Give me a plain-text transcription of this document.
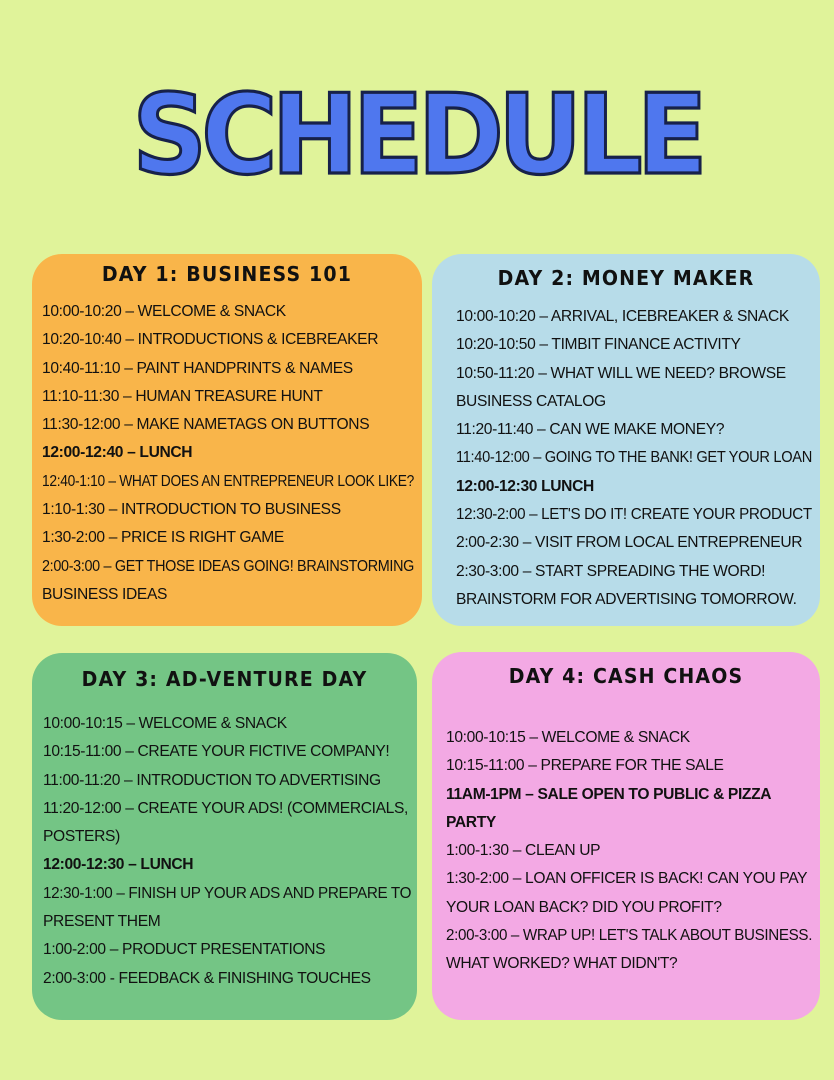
SCHEDULE
DAY 1: BUSINESS 101
10:00-10:20 – WELCOME & SNACK
10:20-10:40 – INTRODUCTIONS & ICEBREAKER
10:40-11:10 – PAINT HANDPRINTS & NAMES
11:10-11:30 – HUMAN TREASURE HUNT
11:30-12:00 – MAKE NAMETAGS ON BUTTONS
12:00-12:40 – LUNCH
12:40-1:10 – WHAT DOES AN ENTREPRENEUR LOOK LIKE?
1:10-1:30 – INTRODUCTION TO BUSINESS
1:30-2:00 – PRICE IS RIGHT GAME
2:00-3:00 – GET THOSE IDEAS GOING! BRAINSTORMING
BUSINESS IDEAS
DAY 2: MONEY MAKER
10:00-10:20 – ARRIVAL, ICEBREAKER & SNACK
10:20-10:50 – TIMBIT FINANCE ACTIVITY
10:50-11:20 – WHAT WILL WE NEED? BROWSE
BUSINESS CATALOG
11:20-11:40 – CAN WE MAKE MONEY?
11:40-12:00 – GOING TO THE BANK! GET YOUR LOAN
12:00-12:30 LUNCH
12:30-2:00 – LET'S DO IT! CREATE YOUR PRODUCT
2:00-2:30 – VISIT FROM LOCAL ENTREPRENEUR
2:30-3:00 – START SPREADING THE WORD!
BRAINSTORM FOR ADVERTISING TOMORROW.
DAY 3: AD-VENTURE DAY
10:00-10:15 – WELCOME & SNACK
10:15-11:00 – CREATE YOUR FICTIVE COMPANY!
11:00-11:20 – INTRODUCTION TO ADVERTISING
11:20-12:00 – CREATE YOUR ADS! (COMMERCIALS,
POSTERS)
12:00-12:30 – LUNCH
12:30-1:00 – FINISH UP YOUR ADS AND PREPARE TO
PRESENT THEM
1:00-2:00 – PRODUCT PRESENTATIONS
2:00-3:00 - FEEDBACK & FINISHING TOUCHES
DAY 4: CASH CHAOS
10:00-10:15 – WELCOME & SNACK
10:15-11:00 – PREPARE FOR THE SALE
11AM-1PM – SALE OPEN TO PUBLIC & PIZZA
PARTY
1:00-1:30 – CLEAN UP
1:30-2:00 – LOAN OFFICER IS BACK! CAN YOU PAY
YOUR LOAN BACK? DID YOU PROFIT?
2:00-3:00 – WRAP UP! LET'S TALK ABOUT BUSINESS.
WHAT WORKED? WHAT DIDN'T?
